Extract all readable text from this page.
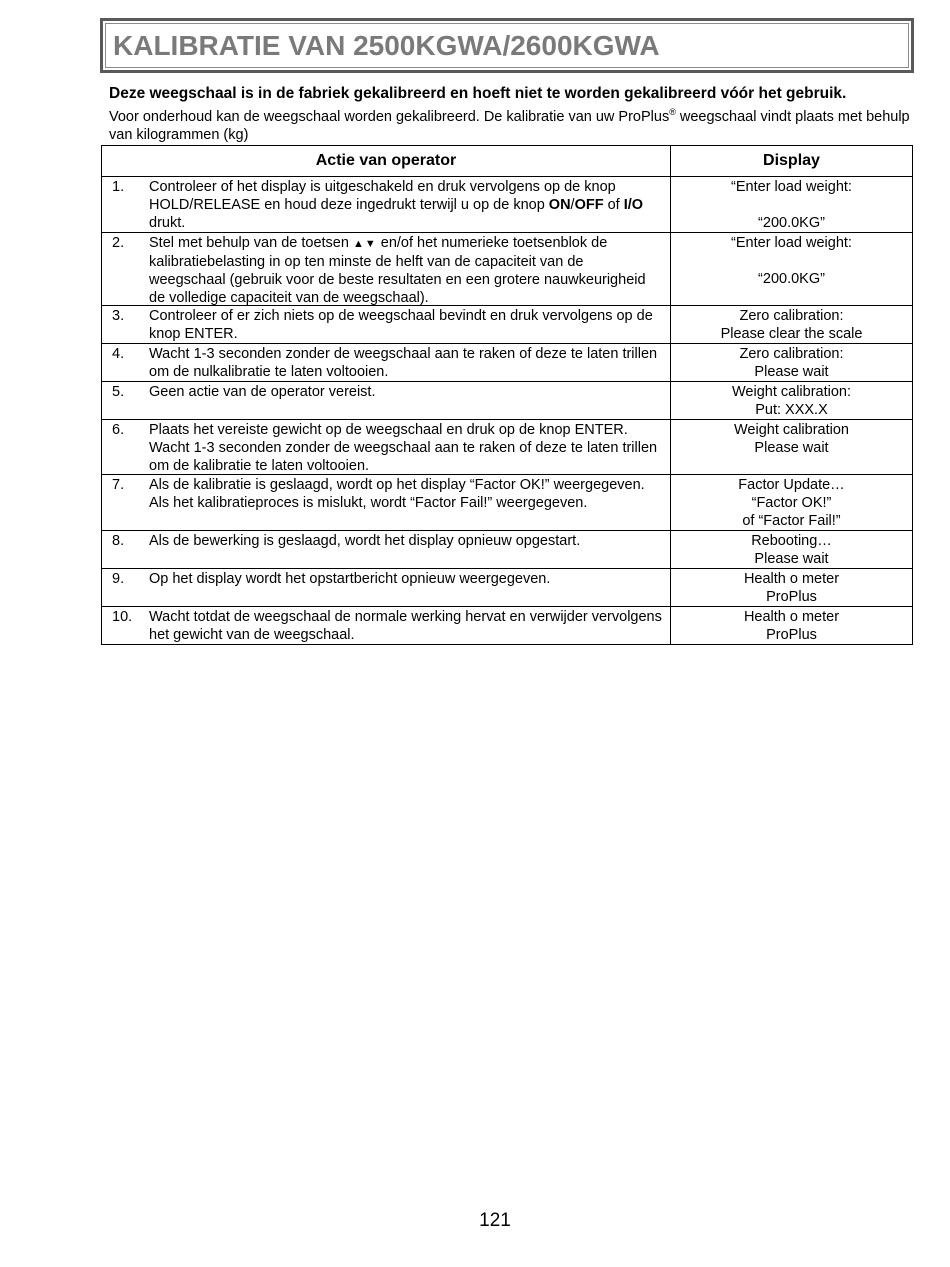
KALIBRATIE VAN 2500KGWA/2600KGWA
Deze weegschaal is in de fabriek gekalibreerd en hoeft niet te worden gekalibreerd vóór het gebruik.
Voor onderhoud kan de weegschaal worden gekalibreerd. De kalibratie van uw ProPlus® weegschaal vindt plaats met behulp van kilogrammen (kg)
Actie van operator	Display

1. Controleer of het display is uitgeschakeld en druk vervolgens op de knop HOLD/RELEASE en houd deze ingedrukt terwijl u op de knop ON/OFF of I/O drukt.	“Enter load weight:
“200.0KG”

2. Stel met behulp van de toetsen ▲▼ en/of het numerieke toetsenblok de kalibratiebelasting in op ten minste de helft van de capaciteit van de weegschaal (gebruik voor de beste resultaten en een grotere nauwkeurigheid de volledige capaciteit van de weegschaal).	“Enter load weight:
“200.0KG”

3. Controleer of er zich niets op de weegschaal bevindt en druk vervolgens op de knop ENTER.	Zero calibration:
Please clear the scale

4. Wacht 1-3 seconden zonder de weegschaal aan te raken of deze te laten trillen om de nulkalibratie te laten voltooien.	Zero calibration:
Please wait

5. Geen actie van de operator vereist.	Weight calibration:
Put: XXX.X

6. Plaats het vereiste gewicht op de weegschaal en druk op de knop ENTER. Wacht 1-3 seconden zonder de weegschaal aan te raken of deze te laten trillen om de kalibratie te laten voltooien.	Weight calibration
Please wait

7. Als de kalibratie is geslaagd, wordt op het display “Factor OK!” weergegeven. Als het kalibratieproces is mislukt, wordt “Factor Fail!” weergegeven.	Factor Update…
“Factor OK!”
of “Factor Fail!”

8. Als de bewerking is geslaagd, wordt het display opnieuw opgestart.	Rebooting…
Please wait

9. Op het display wordt het opstartbericht opnieuw weergegeven.	Health o meter
ProPlus

10. Wacht totdat de weegschaal de normale werking hervat en verwijder vervolgens het gewicht van de weegschaal.	Health o meter
ProPlus
121
